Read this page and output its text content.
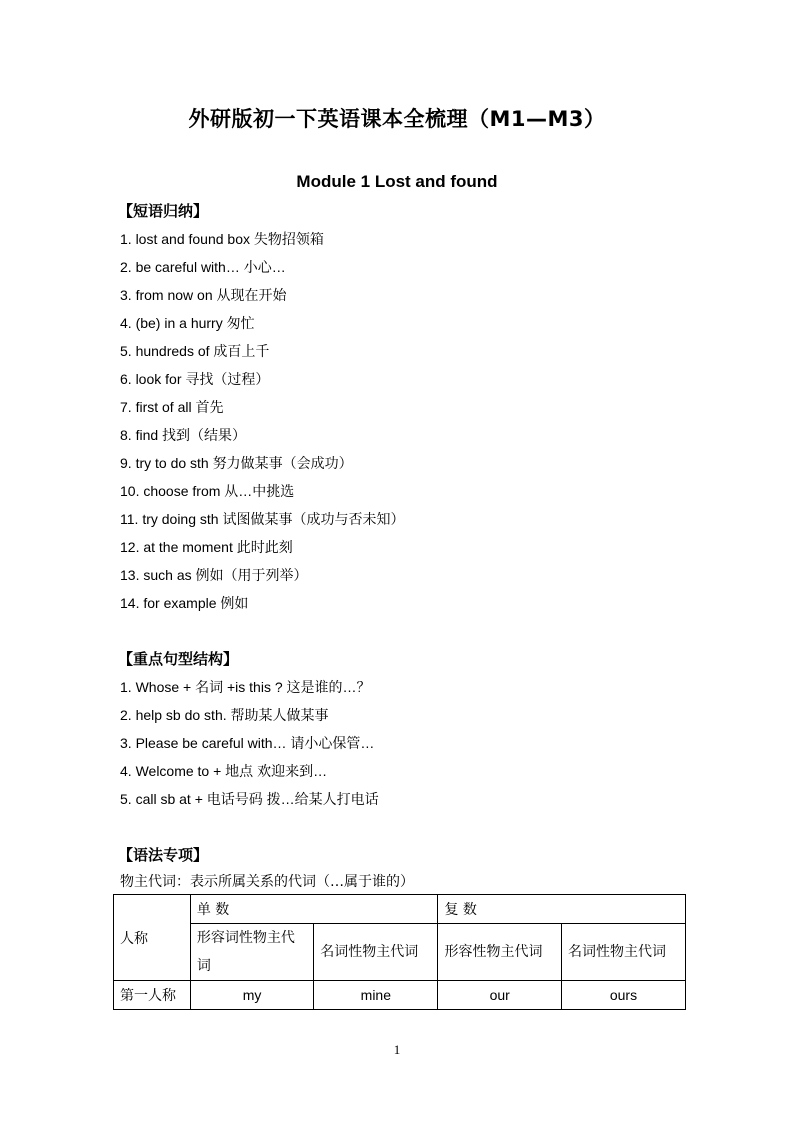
外研版初一下英语课本全梳理（M1—M3）
Module 1 Lost and found
【短语归纳】
1. lost and found box 失物招领箱
2. be careful with… 小心…
3. from now on 从现在开始
4. (be) in a hurry 匆忙
5. hundreds of 成百上千
6. look for 寻找（过程）
7. first of all 首先
8. find 找到（结果）
9. try to do sth 努力做某事（会成功）
10. choose from 从…中挑选
11. try doing sth 试图做某事（成功与否未知）
12. at the moment 此时此刻
13. such as 例如（用于列举）
14. for example 例如
【重点句型结构】
1. Whose + 名词 +is this ? 这是谁的…？
2. help sb do sth. 帮助某人做某事
3. Please be careful with… 请小心保管…
4. Welcome to + 地点 欢迎来到…
5. call sb at + 电话号码 拨…给某人打电话
【语法专项】
物主代词：表示所属关系的代词（…属于谁的）
人称	单 数		复 数	
	形容词性物主代词	名词性物主代词	形容性物主代词	名词性物主代词
第一人称	my	mine	our	ours
1
